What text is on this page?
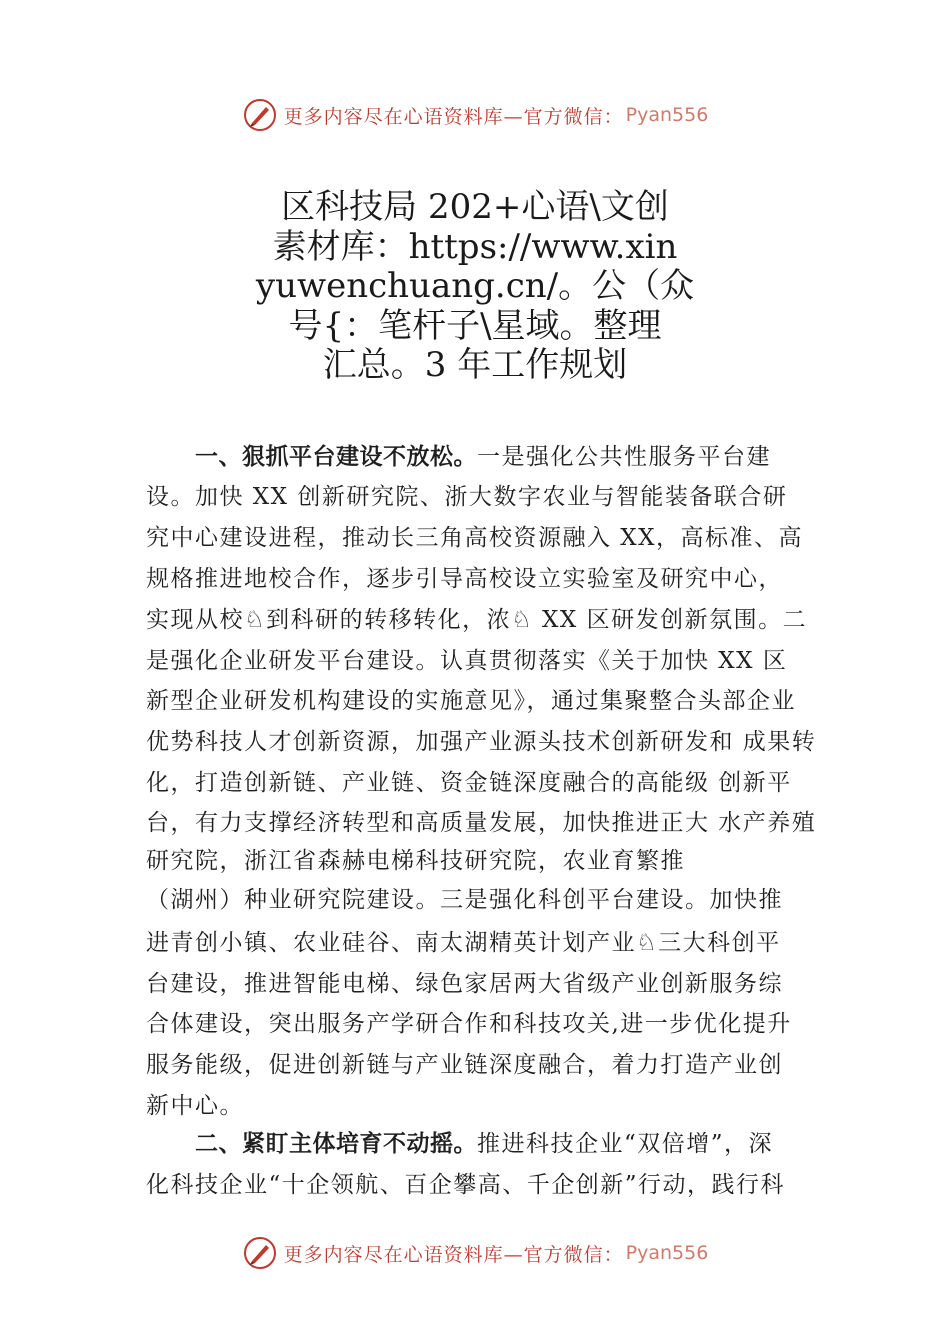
更多内容尽在心语资料库—官方微信： Pyan556
区科技局 202+心语\文创
素材库：https://www.xin
yuwenchuang.cn/。公（众
号{：笔杆子\星域。整理
汇总。3 年工作规划
一、狠抓平台建设不放松。一是强化公共性服务平台建
设。加快 XX 创新研究院、浙大数字农业与智能装备联合研
究中心建设进程，推动长三角高校资源融入 XX，高标准、高
规格推进地校合作，逐步引导高校设立实验室及研究中心，
实现从校♘到科研的转移转化，浓♘ XX 区研发创新氛围。二
是强化企业研发平台建设。认真贯彻落实《关于加快 XX 区
新型企业研发机构建设的实施意见》，通过集聚整合头部企业
优势科技人才创新资源，加强产业源头技术创新研发和 成果转
化，打造创新链、产业链、资金链深度融合的高能级 创新平
台，有力支撑经济转型和高质量发展，加快推进正大 水产养殖
研究院，浙江省森赫电梯科技研究院，农业育繁推
（湖州）种业研究院建设。三是强化科创平台建设。加快推
进青创小镇、农业硅谷、南太湖精英计划产业♘三大科创平
台建设，推进智能电梯、绿色家居两大省级产业创新服务综
合体建设，突出服务产学研合作和科技攻关,进一步优化提升
服务能级，促进创新链与产业链深度融合，着力打造产业创
新中心。
二、紧盯主体培育不动摇。推进科技企业“双倍增”，深
化科技企业“十企领航、百企攀高、千企创新”行动，践行科
更多内容尽在心语资料库—官方微信： Pyan556
